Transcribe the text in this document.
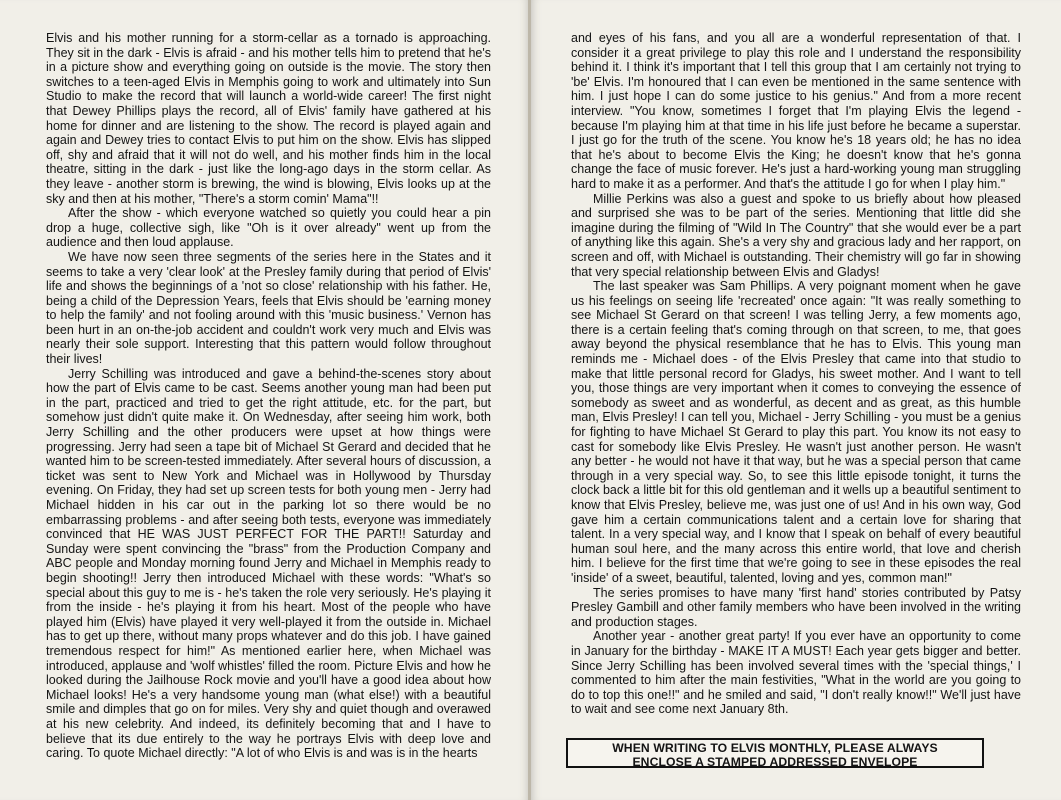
Elvis and his mother running for a storm-cellar as a tornado is approaching. They sit in the dark - Elvis is afraid - and his mother tells him to pretend that he's in a picture show and everything going on outside is the movie. The story then switches to a teen-aged Elvis in Memphis going to work and ultimately into Sun Studio to make the record that will launch a world-wide career! The first night that Dewey Phillips plays the record, all of Elvis' family have gathered at his home for dinner and are listening to the show. The record is played again and again and Dewey tries to contact Elvis to put him on the show. Elvis has slipped off, shy and afraid that it will not do well, and his mother finds him in the local theatre, sitting in the dark - just like the long-ago days in the storm cellar. As they leave - another storm is brewing, the wind is blowing, Elvis looks up at the sky and then at his mother, "There's a storm comin' Mama"!!

After the show - which everyone watched so quietly you could hear a pin drop a huge, collective sigh, like "Oh is it over already" went up from the audience and then loud applause.

We have now seen three segments of the series here in the States and it seems to take a very 'clear look' at the Presley family during that period of Elvis' life and shows the beginnings of a 'not so close' relationship with his father. He, being a child of the Depression Years, feels that Elvis should be 'earning money to help the family' and not fooling around with this 'music business.' Vernon has been hurt in an on-the-job accident and couldn't work very much and Elvis was nearly their sole support. Interesting that this pattern would follow throughout their lives!

Jerry Schilling was introduced and gave a behind-the-scenes story about how the part of Elvis came to be cast. Seems another young man had been put in the part, practiced and tried to get the right attitude, etc. for the part, but somehow just didn't quite make it. On Wednesday, after seeing him work, both Jerry Schilling and the other producers were upset at how things were progressing. Jerry had seen a tape bit of Michael St Gerard and decided that he wanted him to be screen-tested immediately. After several hours of discussion, a ticket was sent to New York and Michael was in Hollywood by Thursday evening. On Friday, they had set up screen tests for both young men - Jerry had Michael hidden in his car out in the parking lot so there would be no embarrassing problems - and after seeing both tests, everyone was immediately convinced that HE WAS JUST PERFECT FOR THE PART!! Saturday and Sunday were spent convincing the "brass" from the Production Company and ABC people and Monday morning found Jerry and Michael in Memphis ready to begin shooting!! Jerry then introduced Michael with these words: "What's so special about this guy to me is - he's taken the role very seriously. He's playing it from the inside - he's playing it from his heart. Most of the people who have played him (Elvis) have played it very well-played it from the outside in. Michael has to get up there, without many props whatever and do this job. I have gained tremendous respect for him!" As mentioned earlier here, when Michael was introduced, applause and 'wolf whistles' filled the room. Picture Elvis and how he looked during the Jailhouse Rock movie and you'll have a good idea about how Michael looks! He's a very handsome young man (what else!) with a beautiful smile and dimples that go on for miles. Very shy and quiet though and overawed at his new celebrity. And indeed, its definitely becoming that and I have to believe that its due entirely to the way he portrays Elvis with deep love and caring. To quote Michael directly: "A lot of who Elvis is and was is in the hearts

and eyes of his fans, and you all are a wonderful representation of that. I consider it a great privilege to play this role and I understand the responsibility behind it. I think it's important that I tell this group that I am certainly not trying to 'be' Elvis. I'm honoured that I can even be mentioned in the same sentence with him. I just hope I can do some justice to his genius." And from a more recent interview. "You know, sometimes I forget that I'm playing Elvis the legend - because I'm playing him at that time in his life just before he became a superstar. I just go for the truth of the scene. You know he's 18 years old; he has no idea that he's about to become Elvis the King; he doesn't know that he's gonna change the face of music forever. He's just a hard-working young man struggling hard to make it as a performer. And that's the attitude I go for when I play him."

Millie Perkins was also a guest and spoke to us briefly about how pleased and surprised she was to be part of the series. Mentioning that little did she imagine during the filming of "Wild In The Country" that she would ever be a part of anything like this again. She's a very shy and gracious lady and her rapport, on screen and off, with Michael is outstanding. Their chemistry will go far in showing that very special relationship between Elvis and Gladys!

The last speaker was Sam Phillips. A very poignant moment when he gave us his feelings on seeing life 'recreated' once again: "It was really something to see Michael St Gerard on that screen! I was telling Jerry, a few moments ago, there is a certain feeling that's coming through on that screen, to me, that goes away beyond the physical resemblance that he has to Elvis. This young man reminds me - Michael does - of the Elvis Presley that came into that studio to make that little personal record for Gladys, his sweet mother. And I want to tell you, those things are very important when it comes to conveying the essence of somebody as sweet and as wonderful, as decent and as great, as this humble man, Elvis Presley! I can tell you, Michael - Jerry Schilling - you must be a genius for fighting to have Michael St Gerard to play this part. You know its not easy to cast for somebody like Elvis Presley. He wasn't just another person. He wasn't any better - he would not have it that way, but he was a special person that came through in a very special way. So, to see this little episode tonight, it turns the clock back a little bit for this old gentleman and it wells up a beautiful sentiment to know that Elvis Presley, believe me, was just one of us! And in his own way, God gave him a certain communications talent and a certain love for sharing that talent. In a very special way, and I know that I speak on behalf of every beautiful human soul here, and the many across this entire world, that love and cherish him. I believe for the first time that we're going to see in these episodes the real 'inside' of a sweet, beautiful, talented, loving and yes, common man!"

The series promises to have many 'first hand' stories contributed by Patsy Presley Gambill and other family members who have been involved in the writing and production stages.

Another year - another great party! If you ever have an opportunity to come in January for the birthday - MAKE IT A MUST! Each year gets bigger and better. Since Jerry Schilling has been involved several times with the 'special things,' I commented to him after the main festivities, "What in the world are you going to do to top this one!!" and he smiled and said, "I don't really know!!" We'll just have to wait and see come next January 8th.

WHEN WRITING TO ELVIS MONTHLY, PLEASE ALWAYS
ENCLOSE A STAMPED ADDRESSED ENVELOPE
